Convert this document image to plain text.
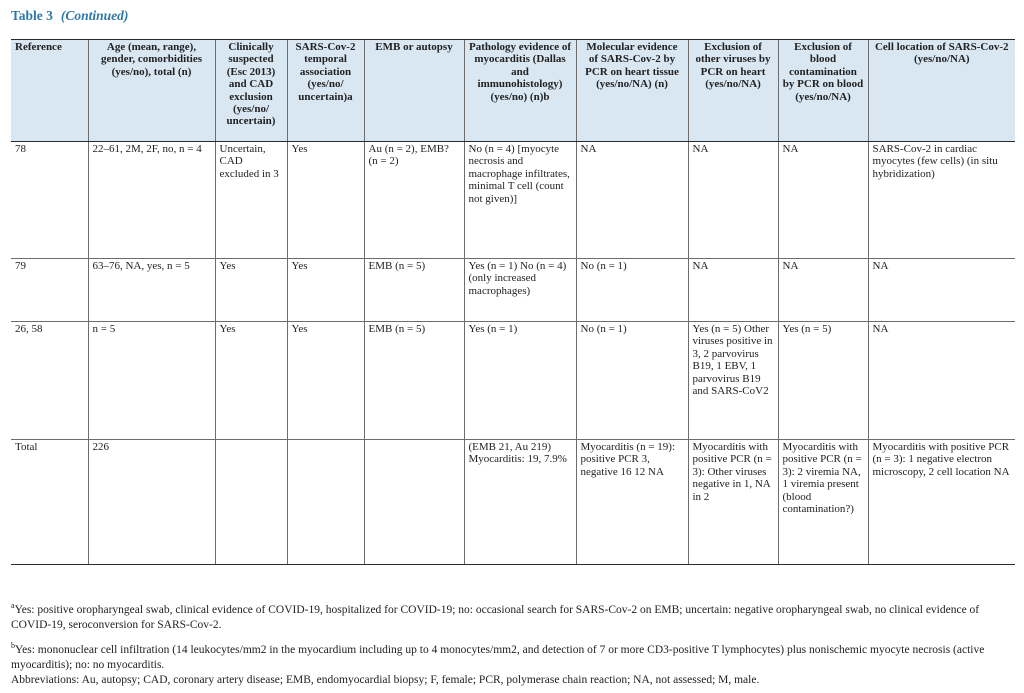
Table 3 (Continued)
Reference	Age (mean, range), gender, comorbidities (yes/no), total (n)	Clinically suspected (Esc 2013) and CAD exclusion (yes/no/ uncertain)	SARS-Cov-2 temporal association (yes/no/ uncertain)a	EMB or autopsy	Pathology evidence of myocarditis (Dallas and immunohistology) (yes/no) (n)b	Molecular evidence of SARS-Cov-2 by PCR on heart tissue (yes/no/NA) (n)	Exclusion of other viruses by PCR on heart (yes/no/NA)	Exclusion of blood contamination by PCR on blood (yes/no/NA)	Cell location of SARS-Cov-2 (yes/no/NA)
78	22–61, 2M, 2F, no, n = 4	Uncertain, CAD excluded in 3	Yes	Au (n = 2), EMB? (n = 2)	No (n = 4) [myocyte necrosis and macrophage infiltrates, minimal T cell (count not given)]	NA	NA	NA	SARS-Cov-2 in cardiac myocytes (few cells) (in situ hybridization)
79	63–76, NA, yes, n = 5	Yes	Yes	EMB (n = 5)	Yes (n = 1) No (n = 4) (only increased macrophages)	No (n = 1)	NA	NA	NA
26, 58	n = 5	Yes	Yes	EMB (n = 5)	Yes (n = 1)	No (n = 1)	Yes (n = 5) Other viruses positive in 3, 2 parvovirus B19, 1 EBV, 1 parvovirus B19 and SARS-CoV2	Yes (n = 5)	NA
Total	226				(EMB 21, Au 219) Myocarditis: 19, 7.9%	Myocarditis (n = 19): positive PCR 3, negative 16 12 NA	Myocarditis with positive PCR (n = 3): Other viruses negative in 1, NA in 2	Myocarditis with positive PCR (n = 3): 2 viremia NA, 1 viremia present (blood contamination?)	Myocarditis with positive PCR (n = 3): 1 negative electron microscopy, 2 cell location NA

$^a$Yes: positive oropharyngeal swab, clinical evidence of COVID-19, hospitalized for COVID-19; no: occasional search for SARS-Cov-2 on EMB; uncertain: negative oropharyngeal swab, no clinical evidence of COVID-19, seroconversion for SARS-Cov-2.

$^b$Yes: mononuclear cell infiltration (14 leukocytes/mm2 in the myocardium including up to 4 monocytes/mm2, and detection of 7 or more CD3-positive T lymphocytes) plus nonischemic myocyte necrosis (active myocarditis); no: no myocarditis.

Abbreviations: Au, autopsy; CAD, coronary artery disease; EMB, endomyocardial biopsy; F, female; PCR, polymerase chain reaction; NA, not assessed; M, male.
